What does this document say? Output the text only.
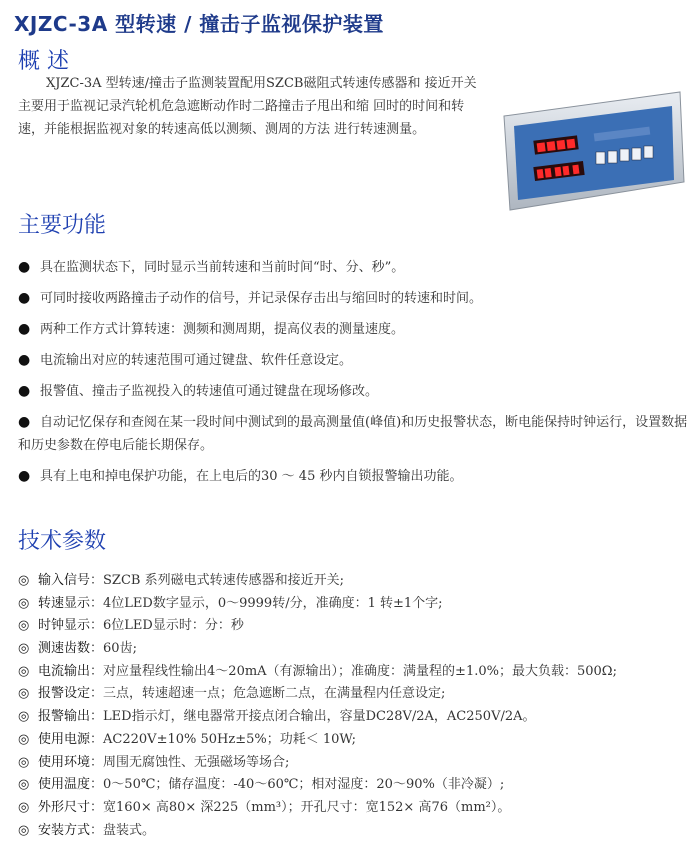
XJZC-3A 型转速 / 撞击子监视保护装置
概 述
XJZC-3A 型转速/撞击子监测装置配用SZCB磁阻式转速传感器和 接近开关主要用于监视记录汽轮机危急遮断动作时二路撞击子甩出和缩 回时的时间和转速，并能根据监视对象的转速高低以测频、测周的方法 进行转速测量。
主要功能
● 具在监测状态下，同时显示当前转速和当前时间“时、分、秒”。
● 可同时接收两路撞击子动作的信号，并记录保存击出与缩回时的转速和时间。
● 两种工作方式计算转速：测频和测周期，提高仪表的测量速度。
● 电流输出对应的转速范围可通过键盘、软件任意设定。
● 报警值、撞击子监视投入的转速值可通过键盘在现场修改。
● 自动记忆保存和查阅在某一段时间中测试到的最高测量值(峰值)和历史报警状态，断电能保持时钟运行，设置数据和历史参数在停电后能长期保存。
● 具有上电和掉电保护功能，在上电后的30 ～ 45 秒内自锁报警输出功能。
技术参数
◎ 输入信号：SZCB 系列磁电式转速传感器和接近开关;
◎ 转速显示：4位LED数字显示，0～9999转/分，准确度：1 转±1个字;
◎ 时钟显示：6位LED显示时：分：秒
◎ 测速齿数：60齿;
◎ 电流输出：对应量程线性输出4～20mA（有源输出）；准确度：满量程的±1.0%；最大负载：500Ω;
◎ 报警设定：三点，转速超速一点；危急遮断二点，在满量程内任意设定;
◎ 报警输出：LED指示灯，继电器常开接点闭合输出，容量DC28V/2A，AC250V/2A。
◎ 使用电源：AC220V±10% 50Hz±5%；功耗＜ 10W;
◎ 使用环境：周围无腐蚀性、无强磁场等场合;
◎ 使用温度：0～50℃；储存温度：-40～60℃；相对湿度：20～90%（非冷凝）;
◎ 外形尺寸：宽160× 高80× 深225（mm³）；开孔尺寸：宽152× 高76（mm²）。
◎ 安装方式：盘装式。
